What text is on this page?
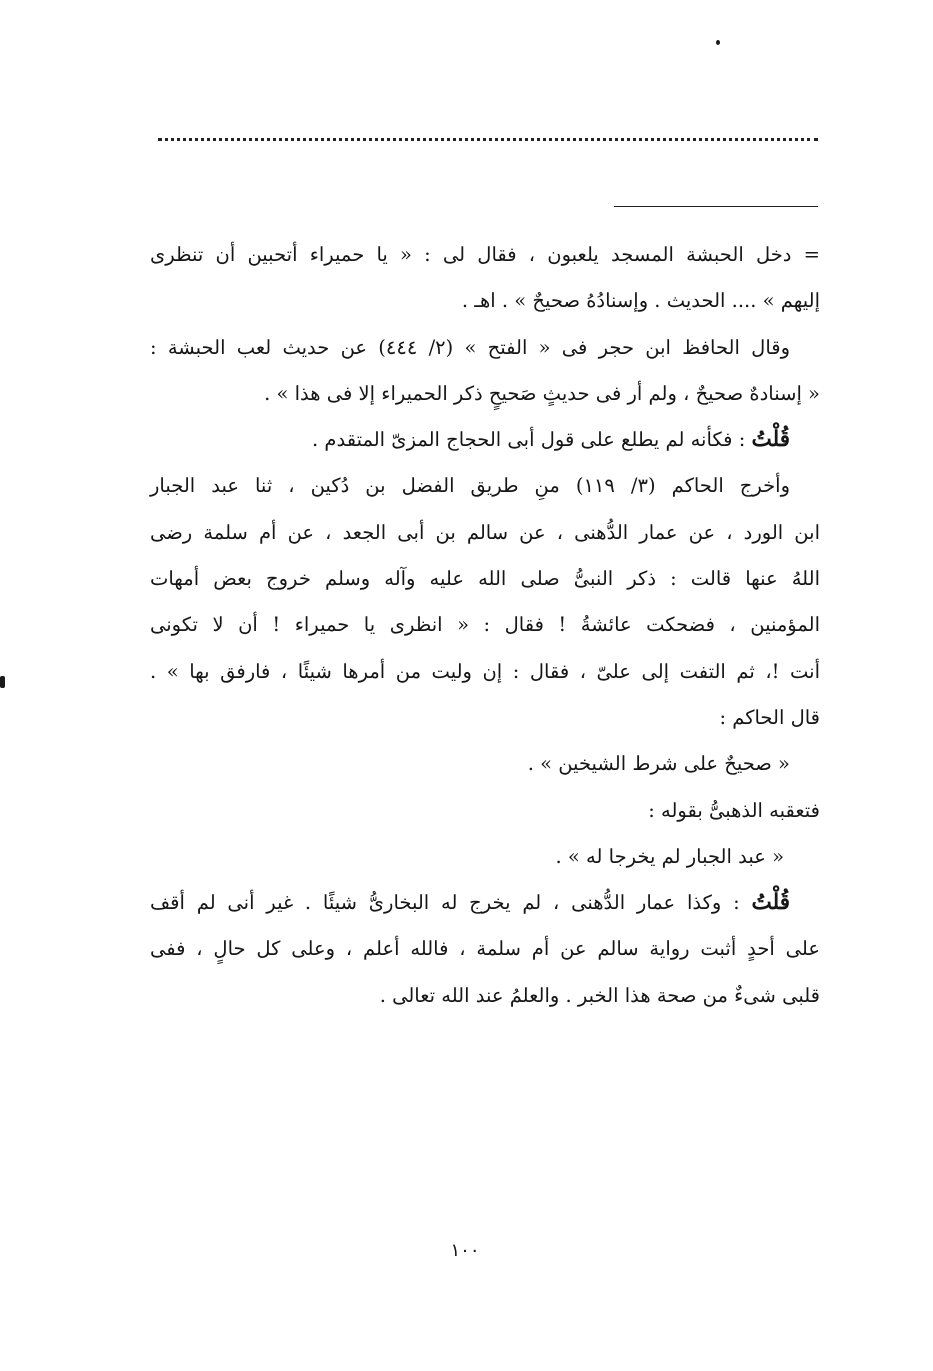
= دخل الحبشة المسجد يلعبون ، فقال لى : « يا حميراء أتحبين أن تنظرى
إليهم » .... الحديث . وإسنادُهُ صحيحٌ » . اهـ .
وقال الحافظ ابن حجر فى « الفتح » (٢/ ٤٤٤) عن حديث لعب الحبشة :
« إسنادهٌ صحيحٌ ، ولم أر فى حديثٍ صَحيحٍ ذكر الحميراء إلا فى هذا » .
قُلْتُ : فكأنه لم يطلع على قول أبى الحجاج المزىّ المتقدم .
وأخرج الحاكم (٣/ ١١٩) منِ طريق الفضل بن دُكين ، ثنا عبد الجبار
ابن الورد ، عن عمار الدُّهنى ، عن سالم بن أبى الجعد ، عن أم سلمة رضى
اللهُ عنها قالت : ذكر النبىُّ صلى الله عليه وآله وسلم خروج بعض أمهات
المؤمنين ، فضحكت عائشةُ ! فقال : « انظرى يا حميراء ! أن لا تكونى
أنت !، ثم التفت إلى علىّ ، فقال : إن وليت من أمرها شيئًا ، فارفق بها » .
قال الحاكم :
« صحيحٌ على شرط الشيخين » .
فتعقبه الذهبىُّ بقوله :
« عبد الجبار لم يخرجا له » .
قُلْتُ : وكذا عمار الدُّهنى ، لم يخرج له البخارىُّ شيئًا . غير أنى لم أقف
على أحدٍ أثبت رواية سالم عن أم سلمة ، فالله أعلم ، وعلى كل حالٍ ، ففى
قلبى شىءٌ من صحة هذا الخبر . والعلمُ عند الله تعالى .
١٠٠
